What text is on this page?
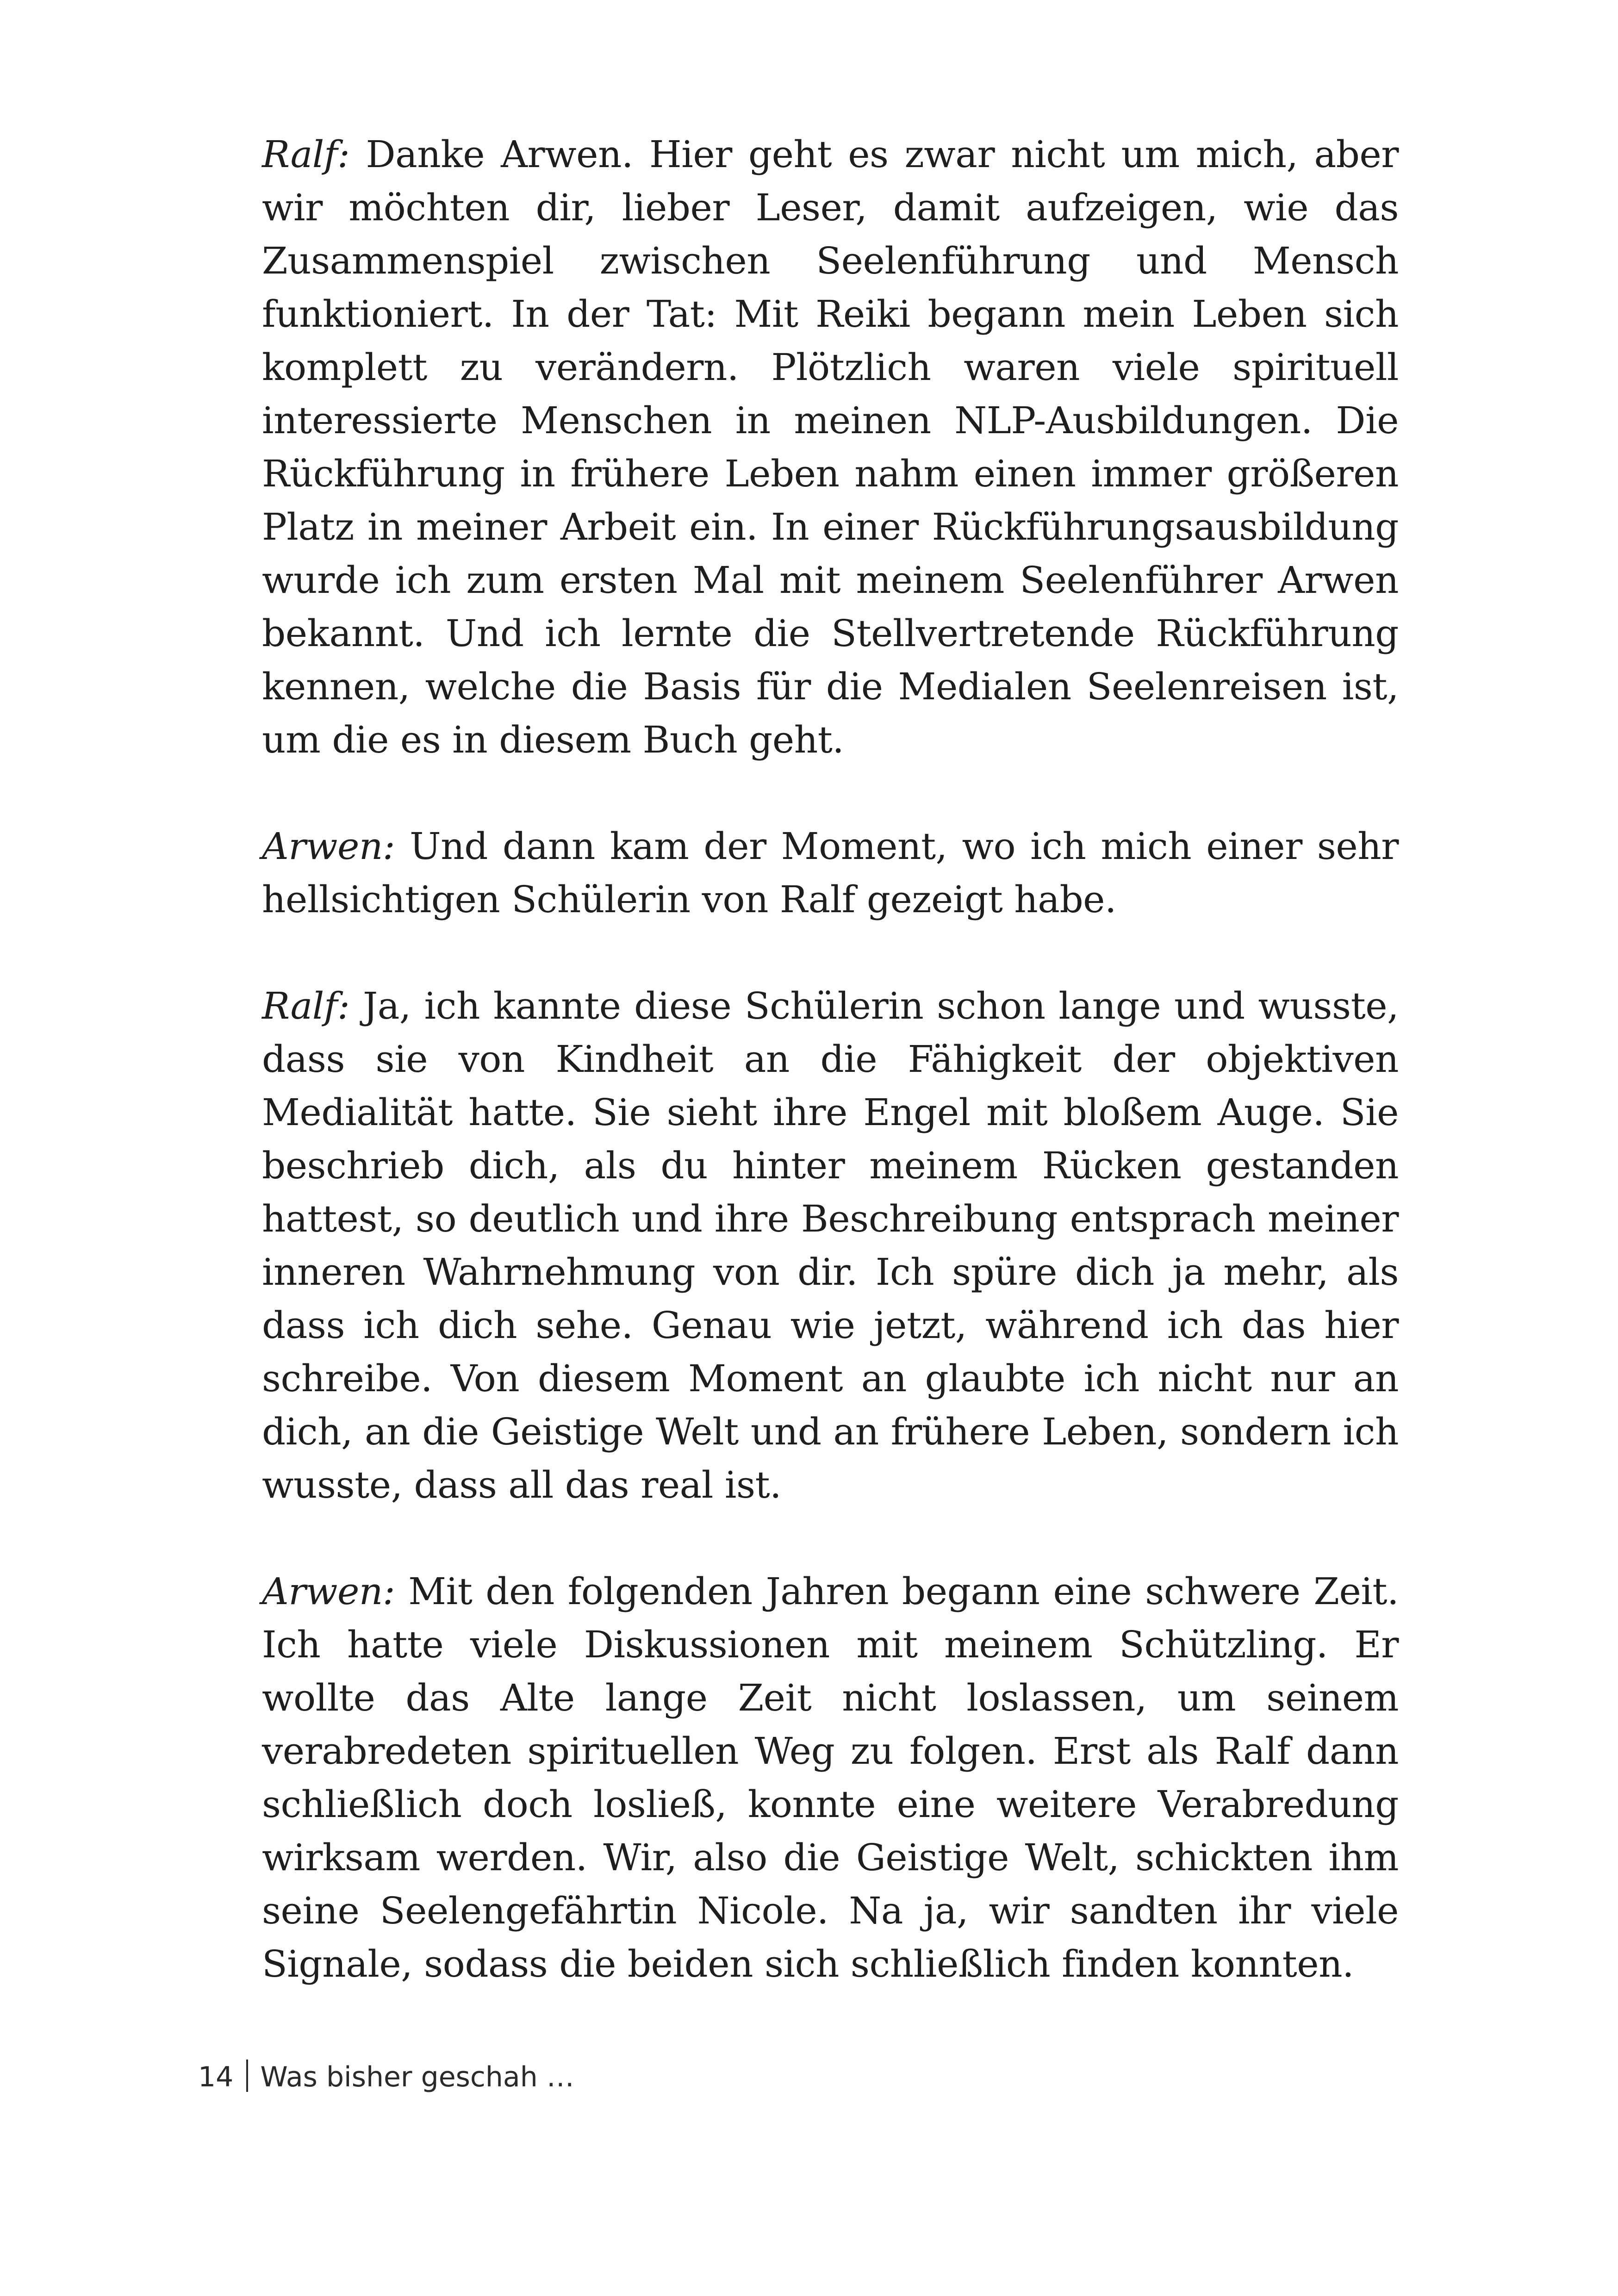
Ralf: Danke Arwen. Hier geht es zwar nicht um mich, aber wir möchten dir, lieber Leser, damit aufzeigen, wie das Zusammenspiel zwischen Seelenführung und Mensch funktioniert. In der Tat: Mit Reiki begann mein Leben sich komplett zu verändern. Plötzlich waren viele spirituell interessierte Menschen in meinen NLP-Ausbildungen. Die Rückführung in frühere Leben nahm einen immer größeren Platz in meiner Arbeit ein. In einer Rückführungsausbildung wurde ich zum ersten Mal mit meinem Seelenführer Arwen bekannt. Und ich lernte die Stellvertretende Rückführung kennen, welche die Basis für die Medialen Seelenreisen ist, um die es in diesem Buch geht.

Arwen: Und dann kam der Moment, wo ich mich einer sehr hellsichtigen Schülerin von Ralf gezeigt habe.

Ralf: Ja, ich kannte diese Schülerin schon lange und wusste, dass sie von Kindheit an die Fähigkeit der objektiven Medialität hatte. Sie sieht ihre Engel mit bloßem Auge. Sie beschrieb dich, als du hinter meinem Rücken gestanden hattest, so deutlich und ihre Beschreibung entsprach meiner inneren Wahrnehmung von dir. Ich spüre dich ja mehr, als dass ich dich sehe. Genau wie jetzt, während ich das hier schreibe. Von diesem Moment an glaubte ich nicht nur an dich, an die Geistige Welt und an frühere Leben, sondern ich wusste, dass all das real ist.

Arwen: Mit den folgenden Jahren begann eine schwere Zeit. Ich hatte viele Diskussionen mit meinem Schützling. Er wollte das Alte lange Zeit nicht loslassen, um seinem verabredeten spirituellen Weg zu folgen. Erst als Ralf dann schließlich doch losließ, konnte eine weitere Verabredung wirksam werden. Wir, also die Geistige Welt, schickten ihm seine Seelengefährtin Nicole. Na ja, wir sandten ihr viele Signale, sodass die beiden sich schließlich finden konnten.

14 Was bisher geschah …
